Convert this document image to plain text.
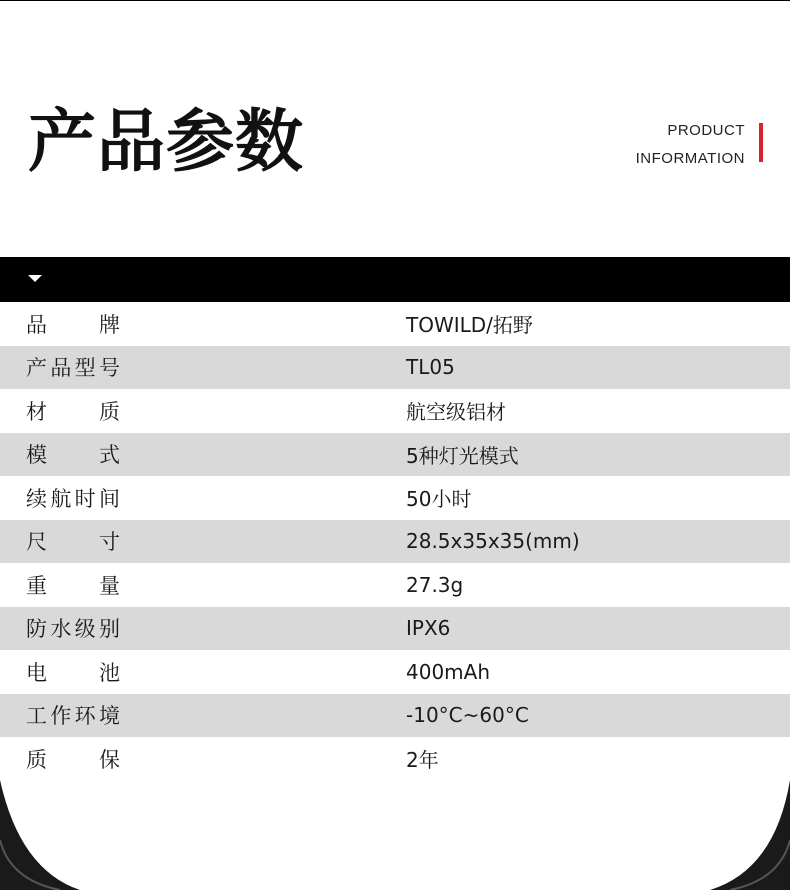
产品参数	PRODUCT
INFORMATION
品 牌	TOWILD/拓野
产 品 型 号	TL05
材 质	航空级铝材
模 式	5种灯光模式
续 航 时 间	50小时
尺 寸	28.5x35x35(mm)
重 量	27.3g
防 水 级 别	IPX6
电 池	400mAh
工 作 环 境	-10°C~60°C
质 保	2年
